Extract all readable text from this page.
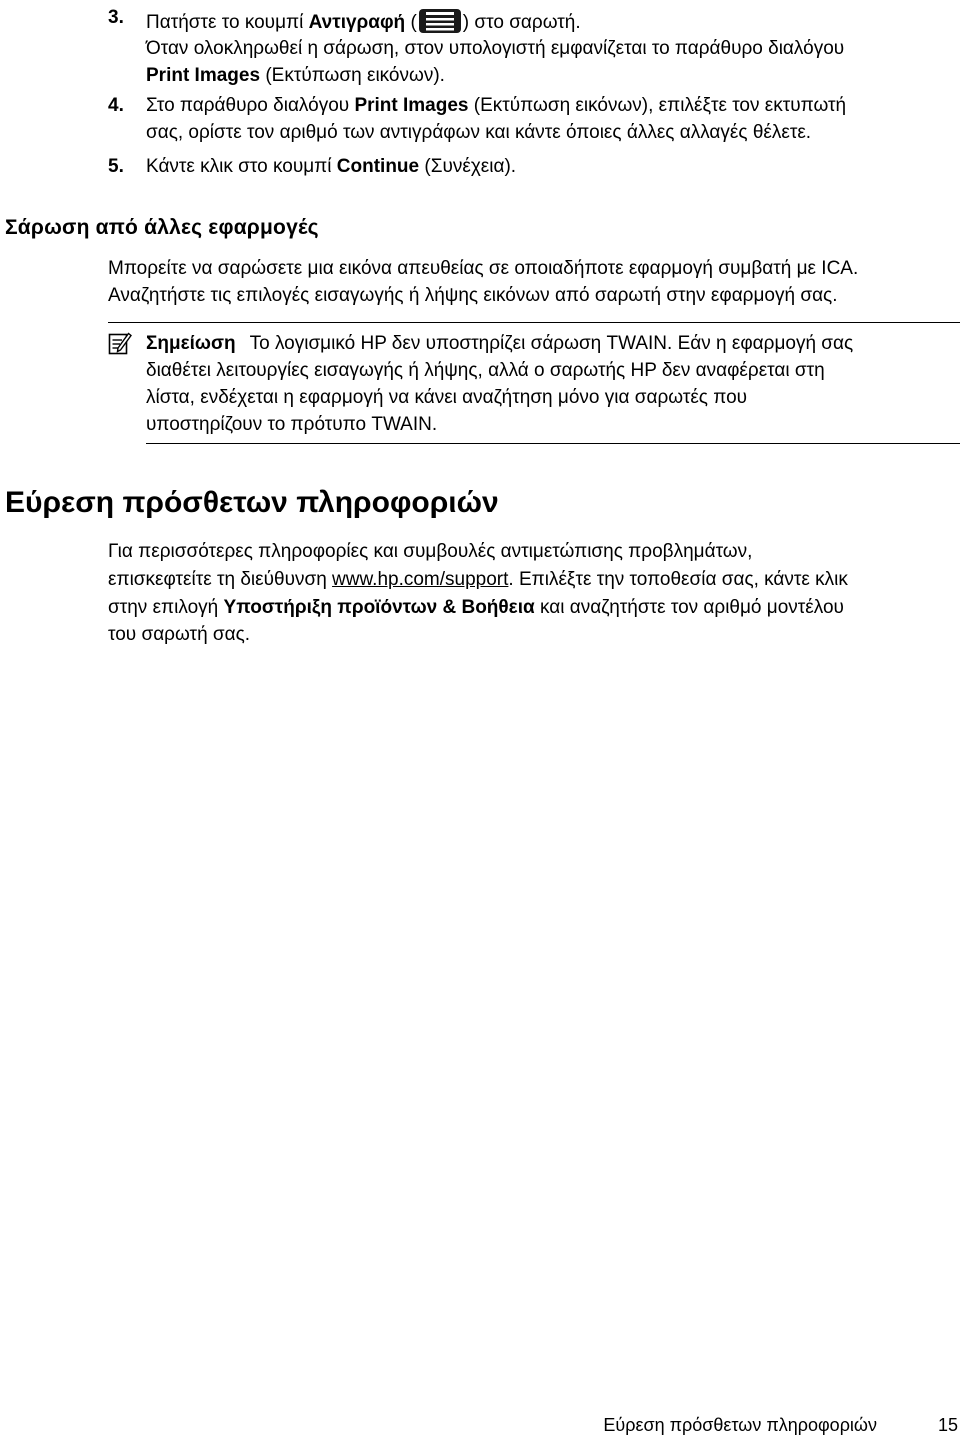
3. Πατήστε το κουμπί Αντιγραφή ( ) στο σαρωτή.
Όταν ολοκληρωθεί η σάρωση, στον υπολογιστή εμφανίζεται το παράθυρο διαλόγου
Print Images (Εκτύπωση εικόνων).
4. Στο παράθυρο διαλόγου Print Images (Εκτύπωση εικόνων), επιλέξτε τον εκτυπωτή
σας, ορίστε τον αριθμό των αντιγράφων και κάντε όποιες άλλες αλλαγές θέλετε.
5. Κάντε κλικ στο κουμπί Continue (Συνέχεια).
Σάρωση από άλλες εφαρμογές
Μπορείτε να σαρώσετε μια εικόνα απευθείας σε οποιαδήποτε εφαρμογή συμβατή με ICA.
Αναζητήστε τις επιλογές εισαγωγής ή λήψης εικόνων από σαρωτή στην εφαρμογή σας.
Σημείωση Το λογισμικό HP δεν υποστηρίζει σάρωση TWAIN. Εάν η εφαρμογή σας
διαθέτει λειτουργίες εισαγωγής ή λήψης, αλλά ο σαρωτής HP δεν αναφέρεται στη
λίστα, ενδέχεται η εφαρμογή να κάνει αναζήτηση μόνο για σαρωτές που
υποστηρίζουν το πρότυπο TWAIN.
Εύρεση πρόσθετων πληροφοριών
Για περισσότερες πληροφορίες και συμβουλές αντιμετώπισης προβλημάτων,
επισκεφτείτε τη διεύθυνση www.hp.com/support. Επιλέξτε την τοποθεσία σας, κάντε κλικ
στην επιλογή Υποστήριξη προϊόντων & Βοήθεια και αναζητήστε τον αριθμό μοντέλου
του σαρωτή σας.
Εύρεση πρόσθετων πληροφοριών	15
